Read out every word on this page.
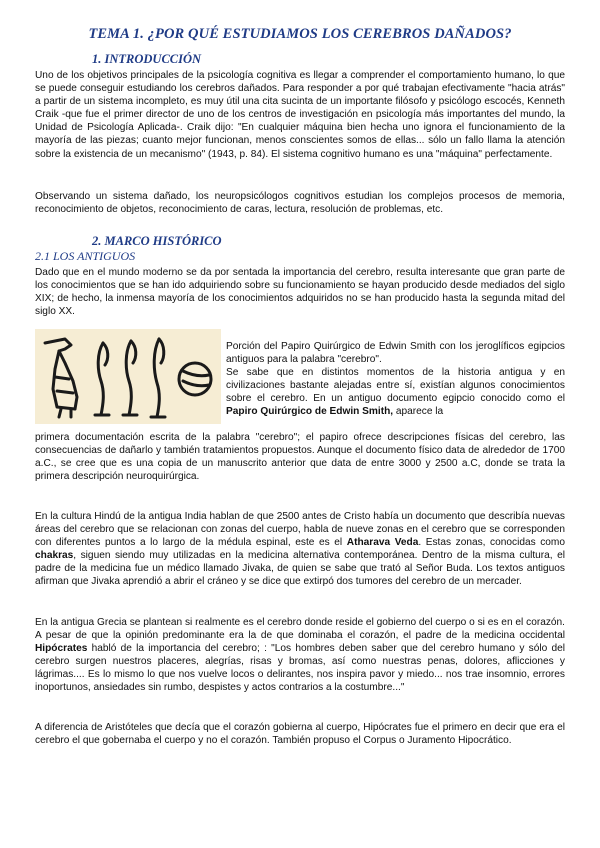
TEMA 1. ¿POR QUÉ ESTUDIAMOS LOS CEREBROS DAÑADOS?
1. INTRODUCCIÓN

Uno de los objetivos principales de la psicología cognitiva es llegar a comprender el comportamiento humano, lo que se puede conseguir estudiando los cerebros dañados. Para responder a por qué trabajan efectivamente "hacia atrás" a partir de un sistema incompleto, es muy útil una cita sucinta de un importante filósofo y psicólogo escocés, Kenneth Craik -que fue el primer director de uno de los centros de investigación en psicología más importantes del mundo, la Unidad de Psicología Aplicada-. Craik dijo: "En cualquier máquina bien hecha uno ignora el funcionamiento de la mayoría de las piezas; cuanto mejor funcionan, menos conscientes somos de ellas... sólo un fallo llama la atención sobre la existencia de un mecanismo" (1943, p. 84). El sistema cognitivo humano es una "máquina" perfectamente.

Observando un sistema dañado, los neuropsicólogos cognitivos estudian los complejos procesos de memoria, reconocimiento de objetos, reconocimiento de caras, lectura, resolución de problemas, etc.

2. MARCO HISTÓRICO
2.1 LOS ANTIGUOS

Dado que en el mundo moderno se da por sentada la importancia del cerebro, resulta interesante que gran parte de los conocimientos que se han ido adquiriendo sobre su funcionamiento se hayan producido desde mediados del siglo XIX; de hecho, la inmensa mayoría de los conocimientos adquiridos no se han producido hasta la segunda mitad del siglo XX.

Porción del Papiro Quirúrgico de Edwin Smith con los jeroglíficos egipcios antiguos para la palabra "cerebro".

Se sabe que en distintos momentos de la historia antigua y en civilizaciones bastante alejadas entre sí, existían algunos conocimientos sobre el cerebro. En un antiguo documento egipcio conocido como el Papiro Quirúrgico de Edwin Smith, aparece la

primera documentación escrita de la palabra "cerebro"; el papiro ofrece descripciones físicas del cerebro, las consecuencias de dañarlo y también tratamientos propuestos. Aunque el documento físico data de alrededor de 1700 a.C., se cree que es una copia de un manuscrito anterior que data de entre 3000 y 2500 a.C, donde se trata la primera descripción neuroquirúrgica.

En la cultura Hindú de la antigua India hablan de que 2500 antes de Cristo había un documento que describía nuevas áreas del cerebro que se relacionan con zonas del cuerpo, habla de nueve zonas en el cerebro que se corresponden con diferentes puntos a lo largo de la médula espinal, este es el Atharava Veda. Estas zonas, conocidas como chakras, siguen siendo muy utilizadas en la medicina alternativa contemporánea. Dentro de la misma cultura, el padre de la medicina fue un médico llamado Jivaka, de quien se sabe que trató al Señor Buda. Los textos antiguos afirman que Jivaka aprendió a abrir el cráneo y se dice que extirpó dos tumores del cerebro de un mercader.

En la antigua Grecia se plantean si realmente es el cerebro donde reside el gobierno del cuerpo o si es en el corazón. A pesar de que la opinión predominante era la de que dominaba el corazón, el padre de la medicina occidental Hipócrates habló de la importancia del cerebro; : "Los hombres deben saber que del cerebro humano y sólo del cerebro surgen nuestros placeres, alegrías, risas y bromas, así como nuestras penas, dolores, aflicciones y lágrimas.... Es lo mismo lo que nos vuelve locos o delirantes, nos inspira pavor y miedo... nos trae insomnio, errores inoportunos, ansiedades sin rumbo, despistes y actos contrarios a la costumbre..."

A diferencia de Aristóteles que decía que el corazón gobierna al cuerpo, Hipócrates fue el primero en decir que era el cerebro el que gobernaba el cuerpo y no el corazón. También propuso el Corpus o Juramento Hipocrático.
